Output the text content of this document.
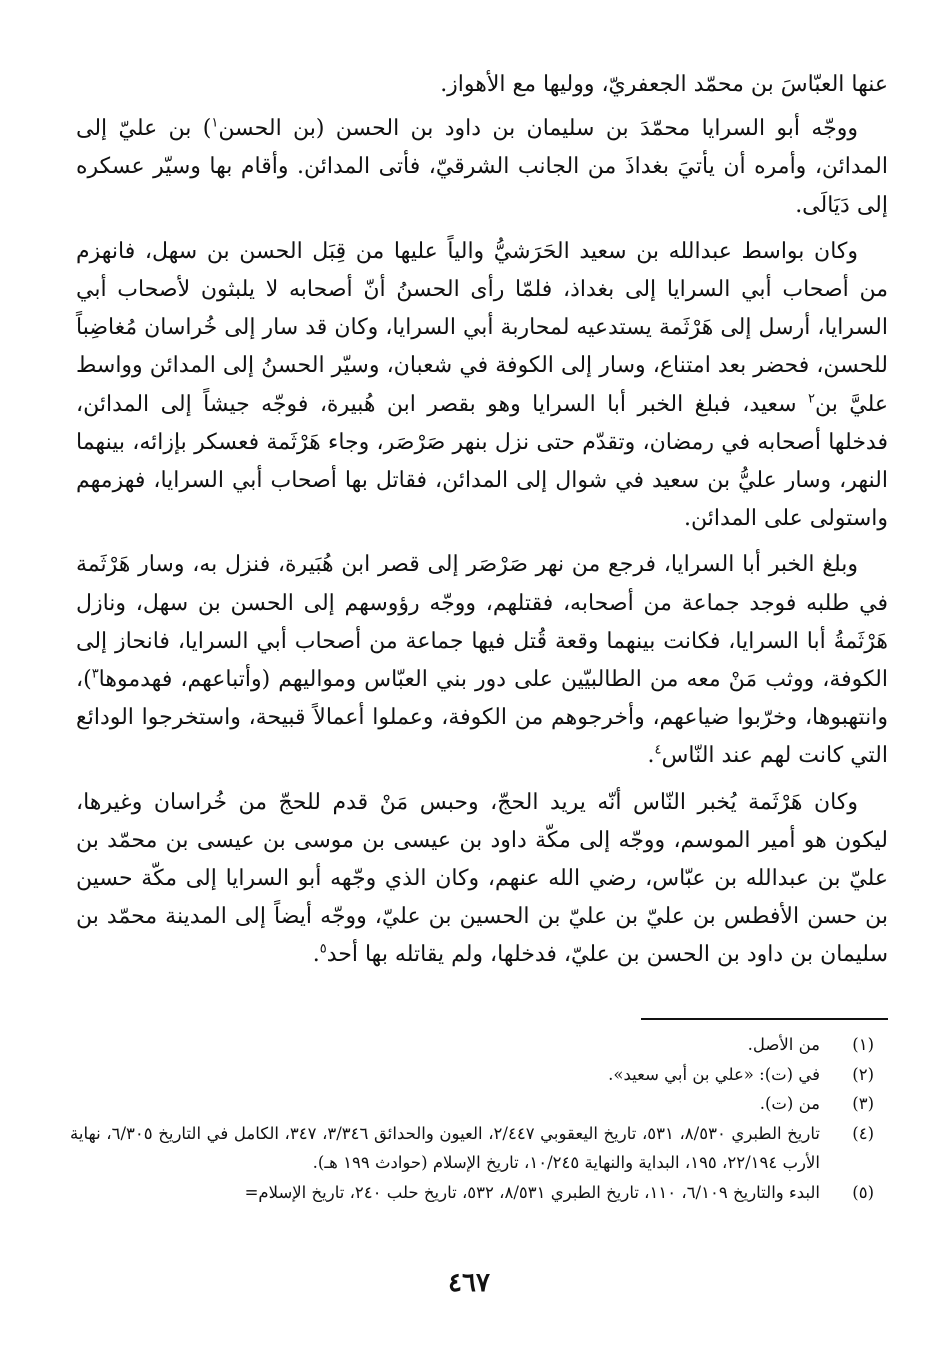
عنها العبّاسَ بن محمّد الجعفريّ، ووليها مع الأهواز.

ووجّه أبو السرايا محمّدَ بن سليمان بن داود بن الحسن (بن الحسن$^١$) بن عليّ إلى المدائن، وأمره أن يأتيَ بغداذَ من الجانب الشرقيّ، فأتى المدائن. وأقام بها وسيّر عسكره إلى دَيَالَى.

وكان بواسط عبدالله بن سعيد الحَرَشيُّ والياً عليها من قِبَل الحسن بن سهل، فانهزم من أصحاب أبي السرايا إلى بغداذ، فلمّا رأى الحسنُ أنّ أصحابه لا يلبثون لأصحاب أبي السرايا، أرسل إلى هَرْثَمة يستدعيه لمحاربة أبي السرايا، وكان قد سار إلى خُراسان مُغاضِباً للحسن، فحضر بعد امتناع، وسار إلى الكوفة في شعبان، وسيّر الحسنُ إلى المدائن وواسط عليَّ بن$^٢$ سعيد، فبلغ الخبر أبا السرايا وهو بقصر ابن هُبيرة، فوجّه جيشاً إلى المدائن، فدخلها أصحابه في رمضان، وتقدّم حتى نزل بنهر صَرْصَر، وجاء هَرْثَمة فعسكر بإزائه، بينهما النهر، وسار عليُّ بن سعيد في شوال إلى المدائن، فقاتل بها أصحاب أبي السرايا، فهزمهم واستولى على المدائن.

وبلغ الخبر أبا السرايا، فرجع من نهر صَرْصَر إلى قصر ابن هُبَيرة، فنزل به، وسار هَرْثَمة في طلبه فوجد جماعة من أصحابه، فقتلهم، ووجّه رؤوسهم إلى الحسن بن سهل، ونازل هَرْثَمةُ أبا السرايا، فكانت بينهما وقعة قُتل فيها جماعة من أصحاب أبي السرايا، فانحاز إلى الكوفة، ووثب مَنْ معه من الطالبيّين على دور بني العبّاس ومواليهم (وأتباعهم، فهدموها$^٣$)، وانتهبوها، وخرّبوا ضياعهم، وأخرجوهم من الكوفة، وعملوا أعمالاً قبيحة، واستخرجوا الودائع التي كانت لهم عند النّاس$^٤$.

وكان هَرْثَمة يُخبر النّاس أنّه يريد الحجّ، وحبس مَنْ قدم للحجّ من خُراسان وغيرها، ليكون هو أمير الموسم، ووجّه إلى مكّة داود بن عيسى بن موسى بن عيسى بن محمّد بن عليّ بن عبدالله بن عبّاس، رضي الله عنهم، وكان الذي وجّهه أبو السرايا إلى مكّة حسين بن حسن الأفطس بن عليّ بن عليّ بن الحسين بن عليّ، ووجّه أيضاً إلى المدينة محمّد بن سليمان بن داود بن الحسن بن عليّ، فدخلها، ولم يقاتله بها أحد$^٥$.

(١)
من الأصل.
(٢)
في (ت): «علي بن أبي سعيد».
(٣)
من (ت).
(٤)
تاريخ الطبري ٨/٥٣٠، ٥٣١، تاريخ اليعقوبي ٢/٤٤٧، العيون والحدائق ٣/٣٤٦، ٣٤٧، الكامل في التاريخ ٦/٣٠٥، نهاية الأرب ٢٢/١٩٤، ١٩٥، البداية والنهاية ١٠/٢٤٥، تاريخ الإسلام (حوادث ١٩٩ هـ).
(٥)
البدء والتاريخ ٦/١٠٩، ١١٠، تاريخ الطبري ٨/٥٣١، ٥٣٢، تاريخ حلب ٢٤٠، تاريخ الإسلام=
٤٦٧
